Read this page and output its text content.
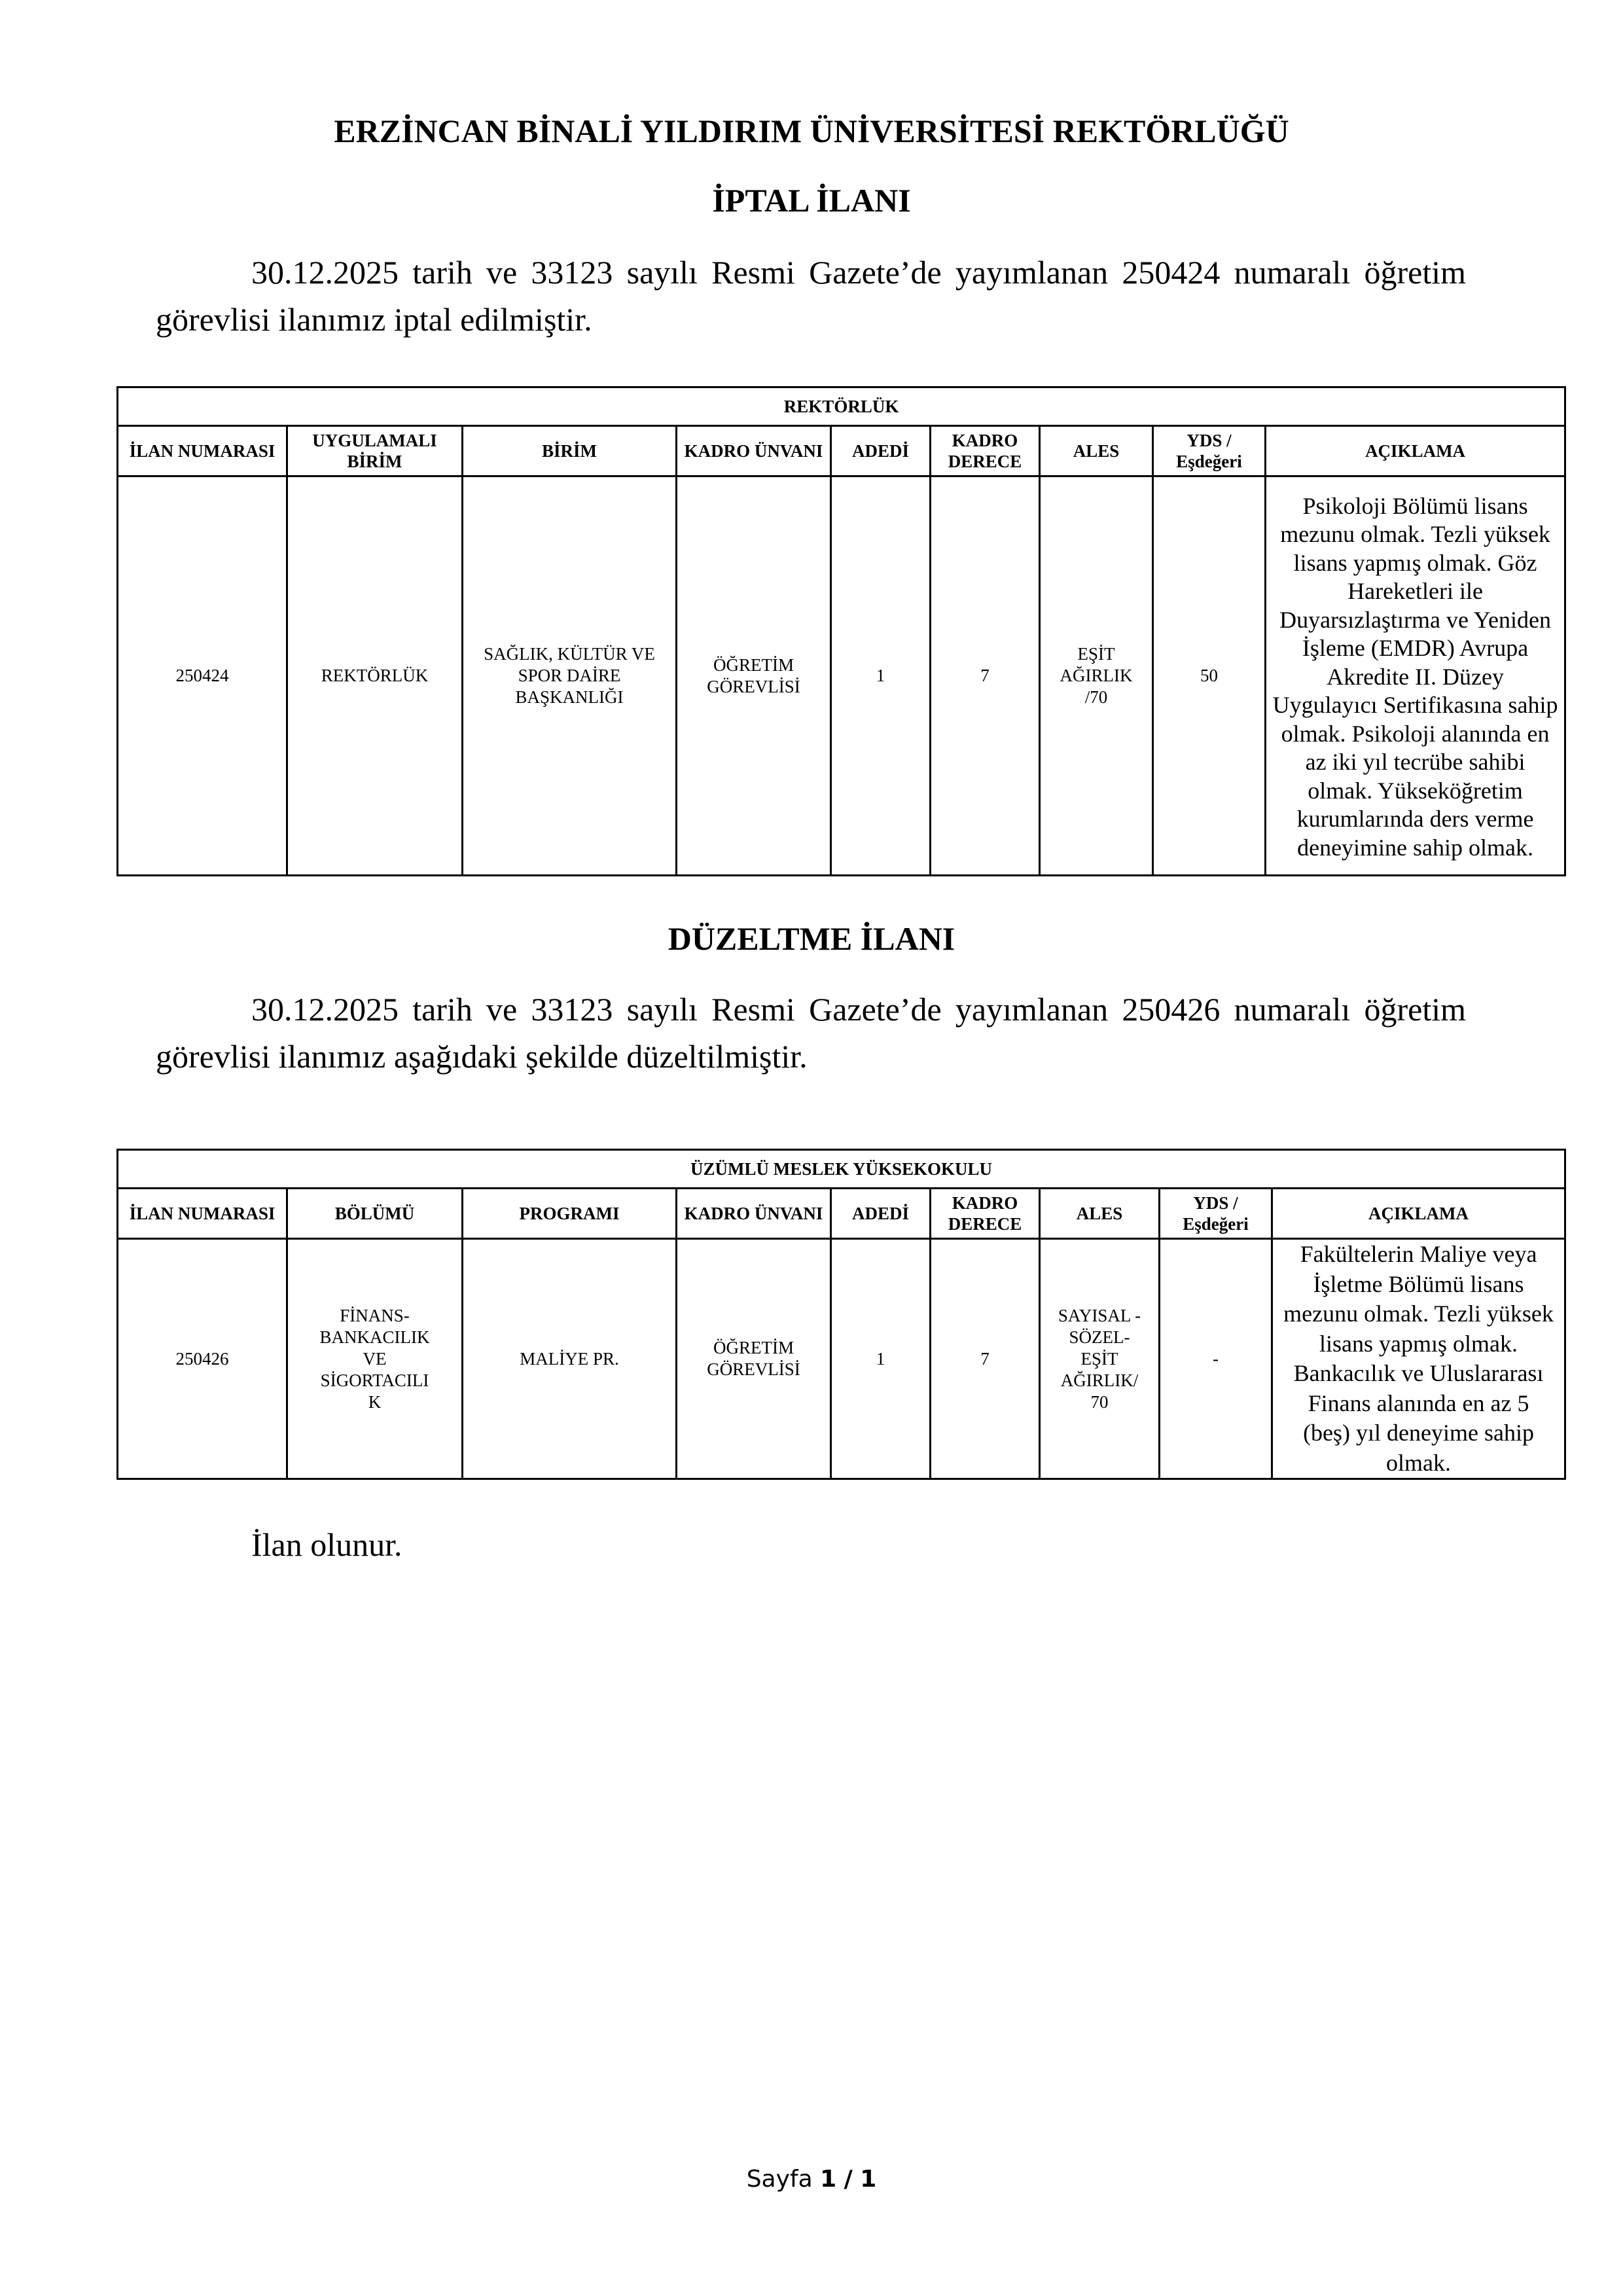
ERZİNCAN BİNALİ YILDIRIM ÜNİVERSİTESİ REKTÖRLÜĞÜ
İPTAL İLANI
30.12.2025 tarih ve 33123 sayılı Resmi Gazete’de yayımlanan 250424 numaralı öğretim
görevlisi ilanımız iptal edilmiştir.
REKTÖRLÜK								
İLAN NUMARASI	UYGULAMALI BİRİM	BİRİM	KADRO ÜNVANI	ADEDİ	KADRO DERECE	ALES	YDS / Eşdeğeri	AÇIKLAMA
250424	REKTÖRLÜK	SAĞLIK, KÜLTÜR VE SPOR DAİRE BAŞKANLIĞI	ÖĞRETİM GÖREVLİSİ	1	7	EŞİT AĞIRLIK /70	50	Psikoloji Bölümü lisans mezunu olmak. Tezli yüksek lisans yapmış olmak. Göz Hareketleri ile Duyarsızlaştırma ve Yeniden İşleme (EMDR) Avrupa Akredite II. Düzey Uygulayıcı Sertifikasına sahip olmak. Psikoloji alanında en az iki yıl tecrübe sahibi olmak. Yükseköğretim kurumlarında ders verme deneyimine sahip olmak.
DÜZELTME İLANI
30.12.2025 tarih ve 33123 sayılı Resmi Gazete’de yayımlanan 250426 numaralı öğretim
görevlisi ilanımız aşağıdaki şekilde düzeltilmiştir.
ÜZÜMLÜ MESLEK YÜKSEKOKULU								
İLAN NUMARASI	BÖLÜMÜ	PROGRAMI	KADRO ÜNVANI	ADEDİ	KADRO DERECE	ALES	YDS / Eşdeğeri	AÇIKLAMA
250426	FİNANS-BANKACILIK VE SİGORTACILIK	MALİYE PR.	ÖĞRETİM GÖREVLİSİ	1	7	SAYISAL -SÖZEL-EŞİT AĞIRLIK/ 70	-	Fakültelerin Maliye veya İşletme Bölümü lisans mezunu olmak. Tezli yüksek lisans yapmış olmak. Bankacılık ve Uluslararası Finans alanında en az 5 (beş) yıl deneyime sahip olmak.
İlan olunur.
Sayfa 1 / 1
